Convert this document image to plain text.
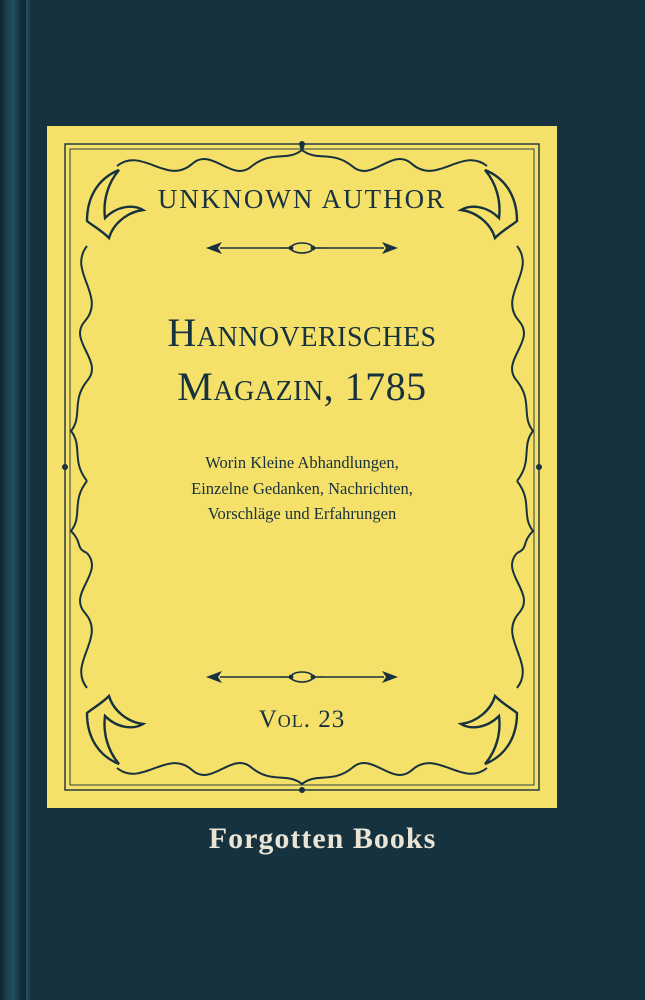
UNKNOWN AUTHOR
Hannoverisches
Magazin, 1785
Worin Kleine Abhandlungen,
Einzelne Gedanken, Nachrichten,
Vorschläge und Erfahrungen
Vol. 23
Forgotten Books
